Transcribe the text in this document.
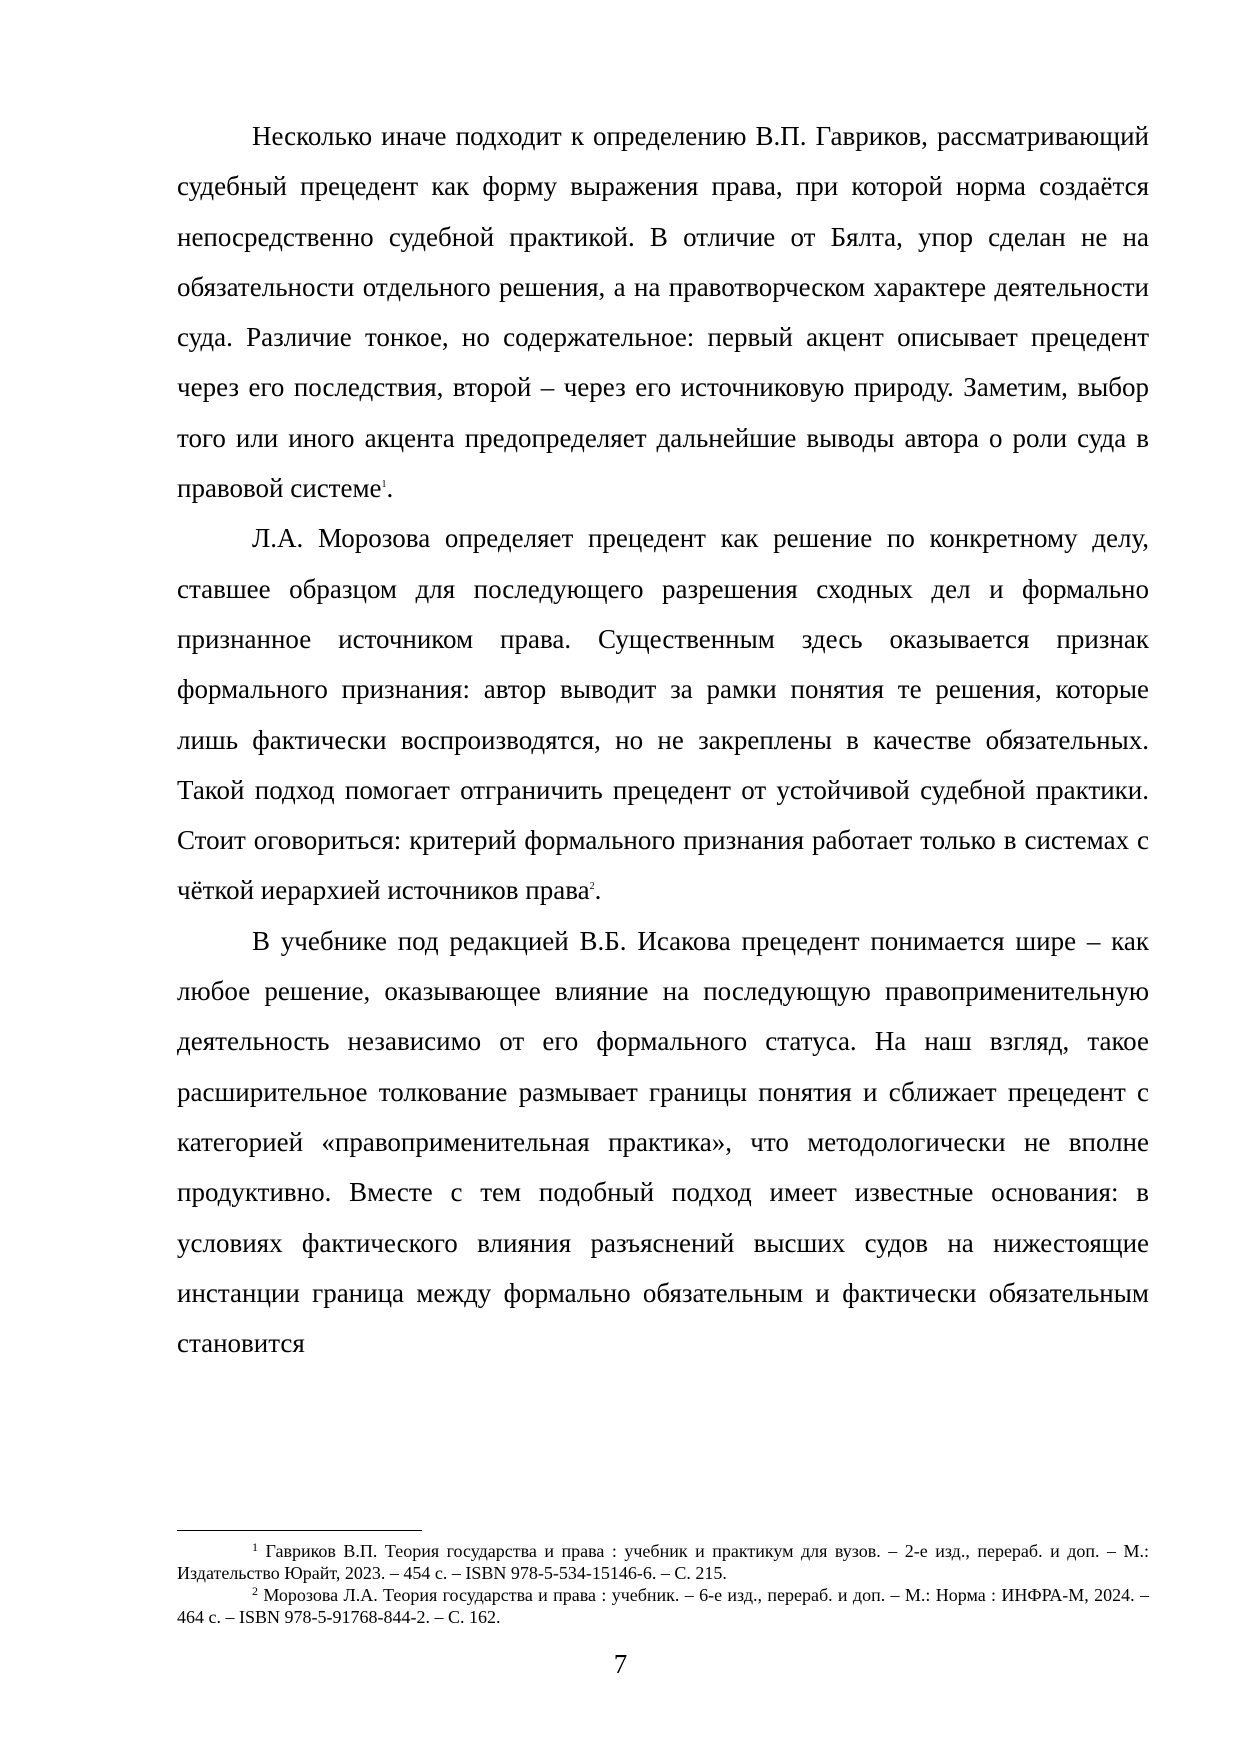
Несколько иначе подходит к определению В.П. Гавриков, рассматривающий судебный прецедент как форму выражения права, при которой норма создаётся непосредственно судебной практикой. В отличие от Бялта, упор сделан не на обязательности отдельного решения, а на правотворческом характере деятельности суда. Различие тонкое, но содержательное: первый акцент описывает прецедент через его последствия, второй – через его источниковую природу. Заметим, выбор того или иного акцента предопределяет дальнейшие выводы автора о роли суда в правовой системе$^1$.

Л.А. Морозова определяет прецедент как решение по конкретному делу, ставшее образцом для последующего разрешения сходных дел и формально признанное источником права. Существенным здесь оказывается признак формального признания: автор выводит за рамки понятия те решения, которые лишь фактически воспроизводятся, но не закреплены в качестве обязательных. Такой подход помогает отграничить прецедент от устойчивой судебной практики. Стоит оговориться: критерий формального признания работает только в системах с чёткой иерархией источников права$^2$.

В учебнике под редакцией В.Б. Исакова прецедент понимается шире – как любое решение, оказывающее влияние на последующую правоприменительную деятельность независимо от его формального статуса. На наш взгляд, такое расширительное толкование размывает границы понятия и сближает прецедент с категорией «правоприменительная практика», что методологически не вполне продуктивно. Вместе с тем подобный подход имеет известные основания: в условиях фактического влияния разъяснений высших судов на нижестоящие инстанции граница между формально обязательным и фактически обязательным становится

$^1$ Гавриков В.П. Теория государства и права : учебник и практикум для вузов. – 2-е изд., перераб. и доп. – М.: Издательство Юрайт, 2023. – 454 с. – ISBN 978-5-534-15146-6. – С. 215.

$^2$ Морозова Л.А. Теория государства и права : учебник. – 6-е изд., перераб. и доп. – М.: Норма : ИНФРА-М, 2024. – 464 с. – ISBN 978-5-91768-844-2. – С. 162.

7
